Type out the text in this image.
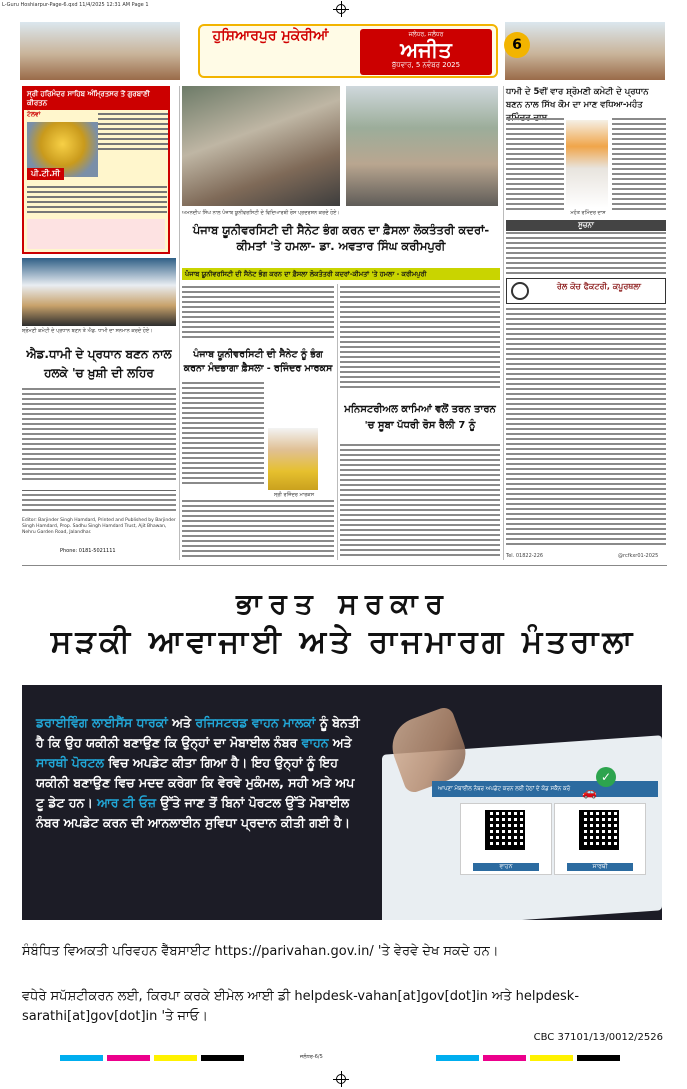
L-Guru Hoshiarpur-Page-6.qxd 11/4/2025 12:31 AM Page 1
ਹੁਸ਼ਿਆਰਪੁਰ ਮੁਕੇਰੀਆਂ	ਜਲੰਧਰ, ਜਲੰਧਰ
ਅਜੀਤ
ਬੁੱਧਵਾਰ, 5 ਨਵੰਬਰ 2025
6
ਸ੍ਰੀ ਹਰਿਮੰਦਰ ਸਾਹਿਬ ਅੰਮ੍ਰਿਤਸਰ ਤੋਂ ਗੁਰਬਾਣੀ ਕੀਰਤਨ
ਟੋਲਵਾਂ
ਪੀ.ਟੀ.ਸੀ
ਅਮਨਦੀਪ ਸਿੰਘ ਨਾਲ ਪੰਜਾਬ ਯੂਨੀਵਰਸਿਟੀ ਦੇ ਵਿਦਿਆਰਥੀ ਰੋਸ ਪ੍ਰਦਰਸ਼ਨ ਕਰਦੇ ਹੋਏ।
ਪੰਜਾਬ ਯੂਨੀਵਰਸਿਟੀ ਦੀ ਸੈਨੇਟ ਭੰਗ ਕਰਨ ਦਾ ਫ਼ੈਸਲਾ ਲੋਕਤੰਤਰੀ ਕਦਰਾਂ-ਕੀਮਤਾਂ 'ਤੇ ਹਮਲਾ- ਡਾ. ਅਵਤਾਰ ਸਿੰਘ ਕਰੀਮਪੁਰੀ
ਪੰਜਾਬ ਯੂਨੀਵਰਸਿਟੀ ਦੀ ਸੈਨੇਟ ਭੰਗ ਕਰਨ ਦਾ ਫ਼ੈਸਲਾ ਲੋਕਤੰਤਰੀ ਕਦਰਾਂ-ਕੀਮਤਾਂ 'ਤੇ ਹਮਲਾ - ਕਰੀਮਪੁਰੀ
ਸ਼੍ਰੋਮਣੀ ਕਮੇਟੀ ਦੇ ਪ੍ਰਧਾਨ ਬਣਨ ਤੇ ਐਡ. ਧਾਮੀ ਦਾ ਸਨਮਾਨ ਕਰਦੇ ਹੋਏ।
ਐਡ.ਧਾਮੀ ਦੇ ਪ੍ਰਧਾਨ ਬਣਨ ਨਾਲ ਹਲਕੇ 'ਚ ਖ਼ੁਸ਼ੀ ਦੀ ਲਹਿਰ
ਪੰਜਾਬ ਯੂਨੀਵਰਸਿਟੀ ਦੀ ਸੈਨੇਟ ਨੂੰ ਭੰਗ ਕਰਨਾ ਮੰਦਭਾਗਾ ਫ਼ੈਸਲਾ - ਰਜਿੰਦਰ ਮਾਰਕਸ
ਸ੍ਰੀ ਰਜਿੰਦਰ ਮਾਰਕਸ
ਮਨਿਸਟਰੀਅਲ ਕਾਮਿਆਂ ਵਲੋਂ ਤਰਨ ਤਾਰਨ 'ਚ ਸੂਬਾ ਪੱਧਰੀ ਰੋਸ ਰੈਲੀ 7 ਨੂੰ
ਧਾਮੀ ਦੇ 5ਵੀਂ ਵਾਰ ਸ਼੍ਰੋਮਣੀ ਕਮੇਟੀ ਦੇ ਪ੍ਰਧਾਨ ਬਣਨ ਨਾਲ ਸਿੱਖ ਕੌਮ ਦਾ ਮਾਣ ਵਧਿਆ-ਮਹੰਤ
ਮਹੰਤ ਰਮਿੰਦਰ ਦਾਸ
ਸੂਚਨਾ
ਰੇਲ ਕੋਚ ਫੈਕਟਰੀ, ਕਪੂਰਥਲਾ
Tel. 01822-226	@rcfkxr01-2025
Editor: Barjinder Singh Hamdard, Printed and Published by Barjinder Singh Hamdard, Prop. Sadhu Singh Hamdard Trust, Ajit Bhawan, Nehru Garden Road, Jalandhar.
Phone: 0181-5021111
ਭਾਰਤ ਸਰਕਾਰ
ਸੜਕੀ ਆਵਾਜਾਈ ਅਤੇ ਰਾਜਮਾਰਗ ਮੰਤਰਾਲਾ
ਡਰਾਈਵਿੰਗ ਲਾਈਸੈਂਸ ਧਾਰਕਾਂ ਅਤੇ ਰਜਿਸਟਰਡ ਵਾਹਨ ਮਾਲਕਾਂ ਨੂੰ ਬੇਨਤੀ ਹੈ ਕਿ ਉਹ ਯਕੀਨੀ ਬਣਾਉਣ ਕਿ ਉਨ੍ਹਾਂ ਦਾ ਮੋਬਾਈਲ ਨੰਬਰ ਵਾਹਨ ਅਤੇ ਸਾਰਥੀ ਪੋਰਟਲ ਵਿਚ ਅਪਡੇਟ ਕੀਤਾ ਗਿਆ ਹੈ। ਇਹ ਉਨ੍ਹਾਂ ਨੂੰ ਇਹ ਯਕੀਨੀ ਬਣਾਉਣ ਵਿਚ ਮਦਦ ਕਰੇਗਾ ਕਿ ਵੇਰਵੇ ਮੁਕੰਮਲ, ਸਹੀ ਅਤੇ ਅਪ ਟੂ ਡੇਟ ਹਨ। ਆਰ ਟੀ ਓਜ਼ ਉੱਤੇ ਜਾਣ ਤੋਂ ਬਿਨਾਂ ਪੋਰਟਲ ਉੱਤੇ ਮੋਬਾਈਲ ਨੰਬਰ ਅਪਡੇਟ ਕਰਨ ਦੀ ਆਨਲਾਈਨ ਸੁਵਿਧਾ ਪ੍ਰਦਾਨ ਕੀਤੀ ਗਈ ਹੈ।
ਆਪਣਾ ਮੋਬਾਈਲ ਨੰਬਰ ਅਪਡੇਟ ਕਰਨ ਲਈ ਹੇਠਾਂ ਦੇ ਕੋਡ ਸਕੈਨ ਕਰੋ
✓
🚗
ਵਾਹਨ	ਸਾਰਥੀ
ਸੰਬੰਧਿਤ ਵਿਅਕਤੀ ਪਰਿਵਹਨ ਵੈੱਬਸਾਈਟ https://parivahan.gov.in/ 'ਤੇ ਵੇਰਵੇ ਦੇਖ ਸਕਦੇ ਹਨ।
ਵਧੇਰੇ ਸਪੱਸ਼ਟੀਕਰਨ ਲਈ, ਕਿਰਪਾ ਕਰਕੇ ਈਮੇਲ ਆਈ ਡੀ helpdesk-vahan[at]gov[dot]in ਅਤੇ helpdesk-sarathi[at]gov[dot]in 'ਤੇ ਜਾਓ।
CBC 37101/13/0012/2526
ਜਲੰਧਰ-6/5
